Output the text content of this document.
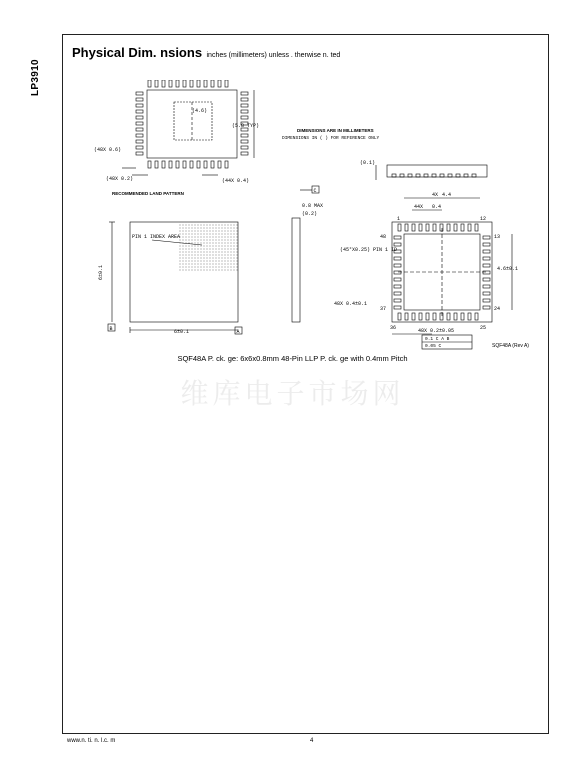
LP3910
Physical Dim. nsions inches (millimeters) unless . therwise n. ted
(4.6)
(5.8 TYP)
(48X 0.6)
(48X 0.2)	(44X 0.4)
RECOMMENDED LAND PATTERN
DIMENSIONS ARE IN MILLIMETERS
DIMENSIONS IN ( ) FOR REFERENCE ONLY
(0.1)
PIN 1 INDEX AREA
6±0.1
6±0.1
B	A
C
0.8 MAX
(0.2)
4X 4.4
44X 0.4
(45°X0.25) PIN 1 ID
4.6±0.1
48X 0.4±0.1
48X 0.2±0.05
0.1 C A B
0.05 C
1	12
13
24
25
36
37
48
SQF48A (Rev A)
SQF48A P. ck. ge: 6x6x0.8mm 48-Pin LLP P. ck. ge with 0.4mm Pitch
维库电子市场网
www.n. ti. n. l.c. m	4
